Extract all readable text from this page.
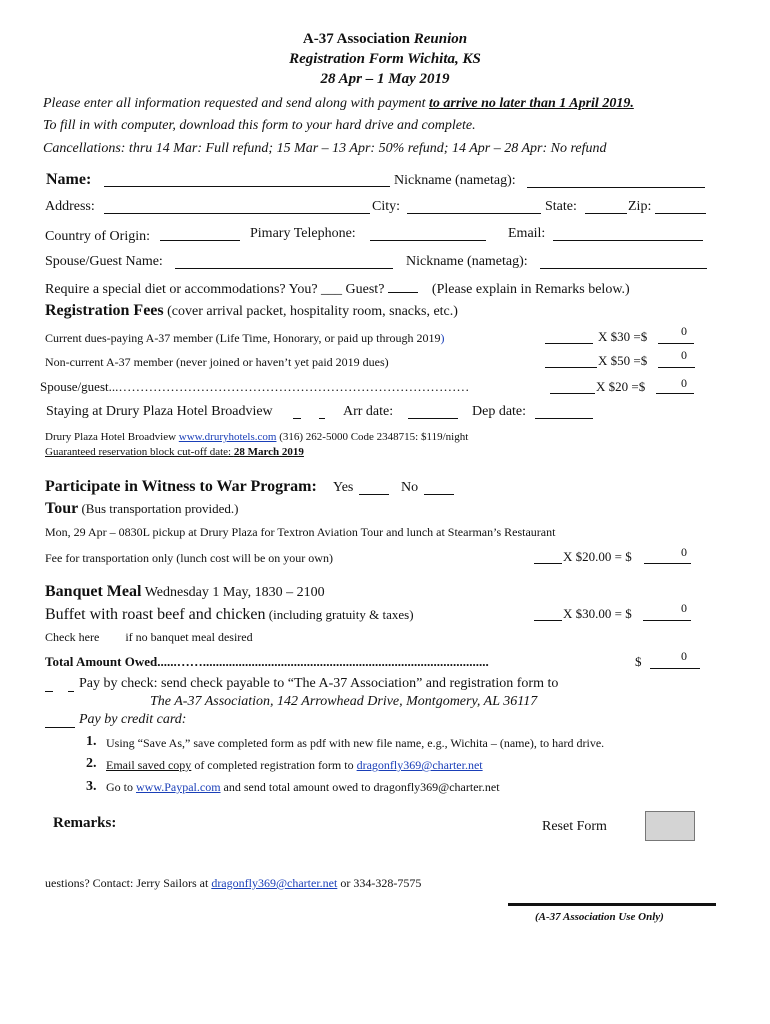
A-37 Association Reunion
Registration Form Wichita, KS
28 Apr – 1 May 2019
Please enter all information requested and send along with payment to arrive no later than 1 April 2019.
To fill in with computer, download this form to your hard drive and complete.
Cancellations: thru 14 Mar: Full refund; 15 Mar – 13 Apr: 50% refund; 14 Apr – 28 Apr: No refund
Name:	Nickname (nametag):
Address:	City:	State:	Zip:
Country of Origin:	Pimary Telephone:	Email:
Spouse/Guest Name:	Nickname (nametag):
Require a special diet or accommodations? You? ___ Guest?	(Please explain in Remarks below.)
Registration Fees (cover arrival packet, hospitality room, snacks, etc.)
Current dues-paying A-37 member (Life Time, Honorary, or paid up through 2019)	X $30 =$	0
Non-current A-37 member (never joined or haven’t yet paid 2019 dues)	X $50 =$	0
Spouse/guest...………………………………………………………………………	X $20 =$	0
Staying at Drury Plaza Hotel Broadview	Arr date:	Dep date:
Drury Plaza Hotel Broadview www.druryhotels.com (316) 262-5000 Code 2348715: $119/night
Guaranteed reservation block cut-off date: 28 March 2019
Participate in Witness to War Program: Yes	No
Tour (Bus transportation provided.)
Mon, 29 Apr – 0830L pickup at Drury Plaza for Textron Aviation Tour and lunch at Stearman’s Restaurant
Fee for transportation only (lunch cost will be on your own)	X $20.00 = $	0
Banquet Meal Wednesday 1 May, 1830 – 2100
Buffet with roast beef and chicken (including gratuity & taxes)	X $30.00 = $	0
Check here if no banquet meal desired
Total Amount Owed......……........................................................................................	$	0
Pay by check: send check payable to “The A-37 Association” and registration form to
The A-37 Association, 142 Arrowhead Drive, Montgomery, AL 36117
Pay by credit card:
1. Using “Save As,” save completed form as pdf with new file name, e.g., Wichita – (name), to hard drive.
2. Email saved copy of completed registration form to dragonfly369@charter.net
3. Go to www.Paypal.com and send total amount owed to dragonfly369@charter.net
Remarks:	Reset Form
uestions? Contact: Jerry Sailors at dragonfly369@charter.net or 334-328-7575
(A-37 Association Use Only)
